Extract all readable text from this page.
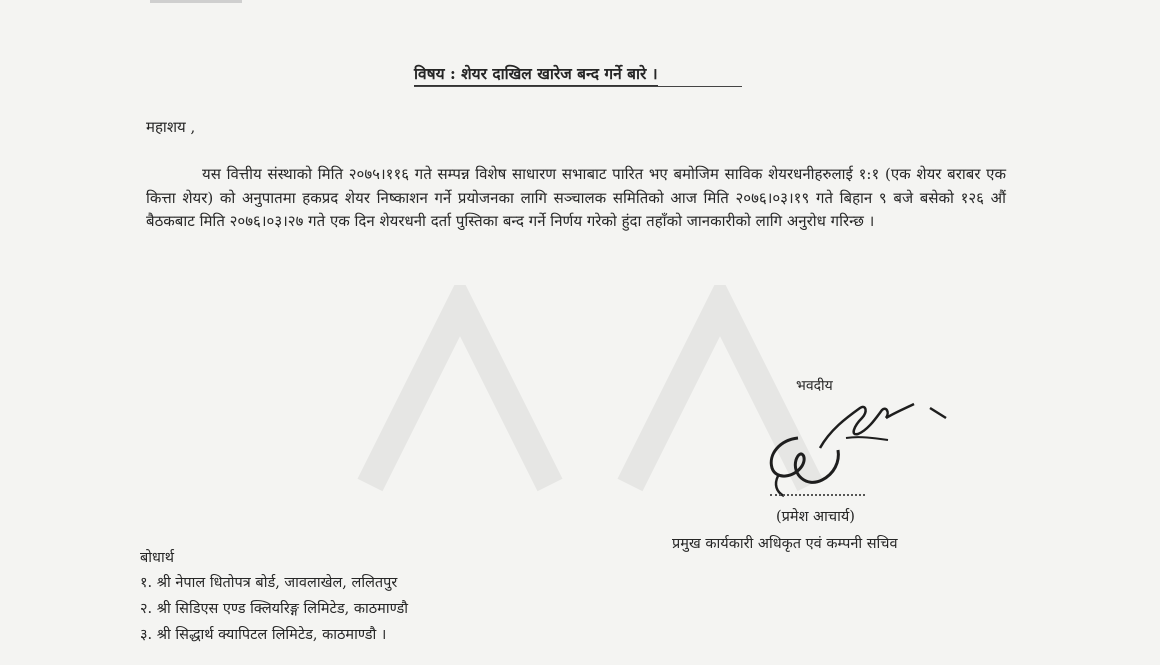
विषय : शेयर दाखिल खारेज बन्द गर्ने बारे ।
महाशय ,

यस वित्तीय संस्थाको मिति २०७५।११६ गते सम्पन्न विशेष साधारण सभाबाट पारित भए बमोजिम साविक शेयरधनीहरुलाई १:१ (एक शेयर बराबर एक कित्ता शेयर) को अनुपातमा हकप्रद शेयर निष्काशन गर्ने प्रयोजनका लागि सञ्चालक समितिको आज मिति २०७६।०३।१९ गते बिहान ९ बजे बसेको १२६ औं बैठकबाट मिति २०७६।०३।२७ गते एक दिन शेयरधनी दर्ता पुस्तिका बन्द गर्ने निर्णय गरेको हुंदा तहाँको जानकारीको लागि अनुरोध गरिन्छ ।

भवदीय
(प्रमेश आचार्य)
प्रमुख कार्यकारी अधिकृत एवं कम्पनी सचिव
बोधार्थ
१. श्री नेपाल धितोपत्र बोर्ड, जावलाखेल, ललितपुर
२. श्री सिडिएस एण्ड क्लियरिङ्ग लिमिटेड, काठमाण्डौ
३. श्री सिद्धार्थ क्यापिटल लिमिटेड, काठमाण्डौ ।
